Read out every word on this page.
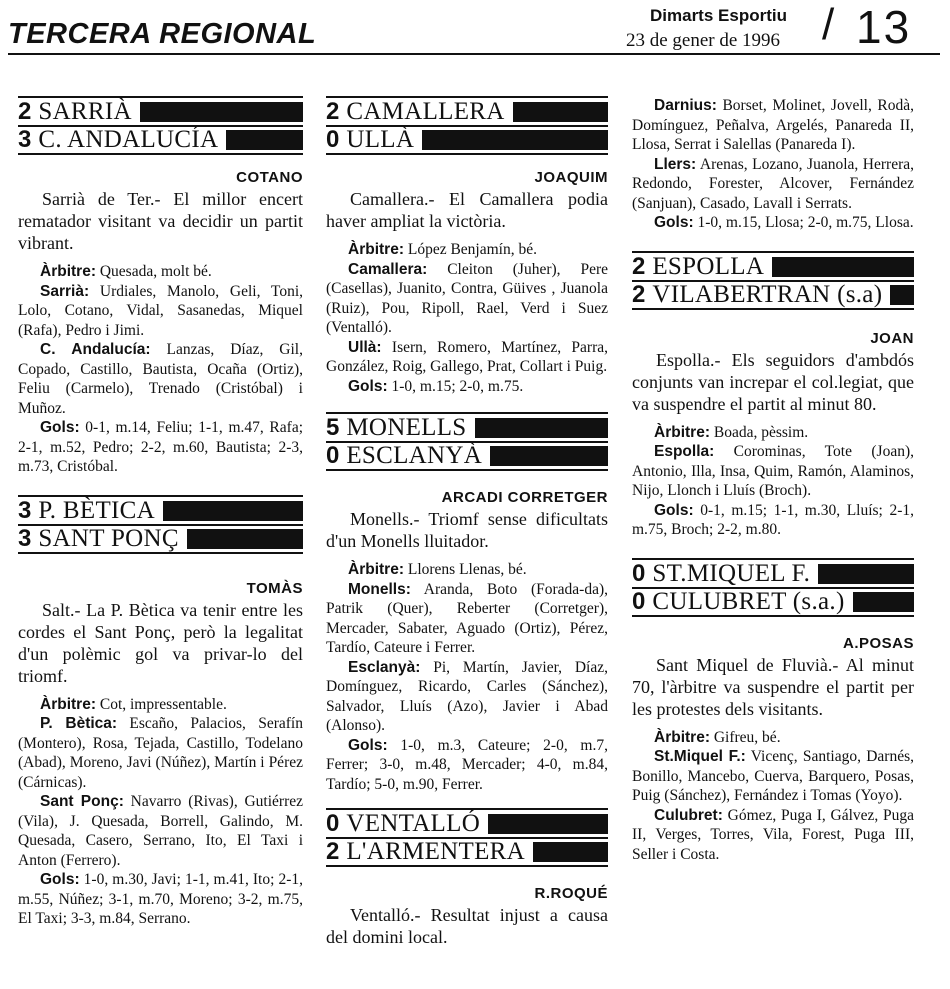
TERCERA REGIONAL
Dimarts Esportiu
23 de gener de 1996 / 13
2 SARRIÀ
3 C. ANDALUCÍA
COTANO
Sarrià de Ter.- El millor encert rematador visitant va decidir un partit vibrant.

Àrbitre: Quesada, molt bé.

Sarrià: Urdiales, Manolo, Geli, Toni, Lolo, Cotano, Vidal, Sasanedas, Miquel (Rafa), Pedro i Jimi.

C. Andalucía: Lanzas, Díaz, Gil, Copado, Castillo, Bautista, Ocaña (Ortiz), Feliu (Carmelo), Trenado (Cristóbal) i Muñoz.

Gols: 0-1, m.14, Feliu; 1-1, m.47, Rafa; 2-1, m.52, Pedro; 2-2, m.60, Bautista; 2-3, m.73, Cristóbal.

3 P. BÈTICA
3 SANT PONÇ
TOMÀS
Salt.- La P. Bètica va tenir entre les cordes el Sant Ponç, però la legalitat d'un polèmic gol va privar-lo del triomf.

Àrbitre: Cot, impressentable.

P. Bètica: Escaño, Palacios, Serafín (Montero), Rosa, Tejada, Castillo, Todelano (Abad), Moreno, Javi (Núñez), Martín i Pérez (Cárnicas).

Sant Ponç: Navarro (Rivas), Gutiérrez (Vila), J. Quesada, Borrell, Galindo, M. Quesada, Casero, Serrano, Ito, El Taxi i Anton (Ferrero).

Gols: 1-0, m.30, Javi; 1-1, m.41, Ito; 2-1, m.55, Núñez; 3-1, m.70, Moreno; 3-2, m.75, El Taxi; 3-3, m.84, Serrano.

2 CAMALLERA
0 ULLÀ
JOAQUIM
Camallera.- El Camallera podia haver ampliat la victòria.

Àrbitre: López Benjamín, bé.

Camallera: Cleiton (Juher), Pere (Casellas), Juanito, Contra, Güives , Juanola (Ruiz), Pou, Ripoll, Rael, Verd i Suez (Ventalló).

Ullà: Isern, Romero, Martínez, Parra, González, Roig, Gallego, Prat, Collart i Puig.

Gols: 1-0, m.15; 2-0, m.75.

5 MONELLS
0 ESCLANYÀ
ARCADI CORRETGER
Monells.- Triomf sense dificultats d'un Monells lluitador.

Àrbitre: Llorens Llenas, bé.

Monells: Aranda, Boto (Forada-da), Patrik (Quer), Reberter (Corretger), Mercader, Sabater, Aguado (Ortiz), Pérez, Tardío, Cateure i Ferrer.

Esclanyà: Pi, Martín, Javier, Díaz, Domínguez, Ricardo, Carles (Sánchez), Salvador, Lluís (Azo), Javier i Abad (Alonso).

Gols: 1-0, m.3, Cateure; 2-0, m.7, Ferrer; 3-0, m.48, Mercader; 4-0, m.84, Tardío; 5-0, m.90, Ferrer.

0 VENTALLÓ
2 L'ARMENTERA
R.ROQUÉ
Ventalló.- Resultat injust a causa del domini local.

Darnius: Borset, Molinet, Jovell, Rodà, Domínguez, Peñalva, Argelés, Panareda II, Llosa, Serrat i Salellas (Panareda I).

Llers: Arenas, Lozano, Juanola, Herrera, Redondo, Forester, Alcover, Fernández (Sanjuan), Casado, Lavall i Serrats.

Gols: 1-0, m.15, Llosa; 2-0, m.75, Llosa.

2 ESPOLLA
2 VILABERTRAN (s.a)
JOAN
Espolla.- Els seguidors d'ambdós conjunts van increpar el col.legiat, que va suspendre el partit al minut 80.

Àrbitre: Boada, pèssim.

Espolla: Corominas, Tote (Joan), Antonio, Illa, Insa, Quim, Ramón, Alaminos, Nijo, Llonch i Lluís (Broch).

Gols: 0-1, m.15; 1-1, m.30, Lluís; 2-1, m.75, Broch; 2-2, m.80.

0 ST.MIQUEL F.
0 CULUBRET (s.a.)
A.POSAS
Sant Miquel de Fluvià.- Al minut 70, l'àrbitre va suspendre el partit per les protestes dels visitants.

Àrbitre: Gifreu, bé.

St.Miquel F.: Vicenç, Santiago, Darnés, Bonillo, Mancebo, Cuerva, Barquero, Posas, Puig (Sánchez), Fernández i Tomas (Yoyo).

Culubret: Gómez, Puga I, Gálvez, Puga II, Verges, Torres, Vila, Forest, Puga III, Seller i Costa.
